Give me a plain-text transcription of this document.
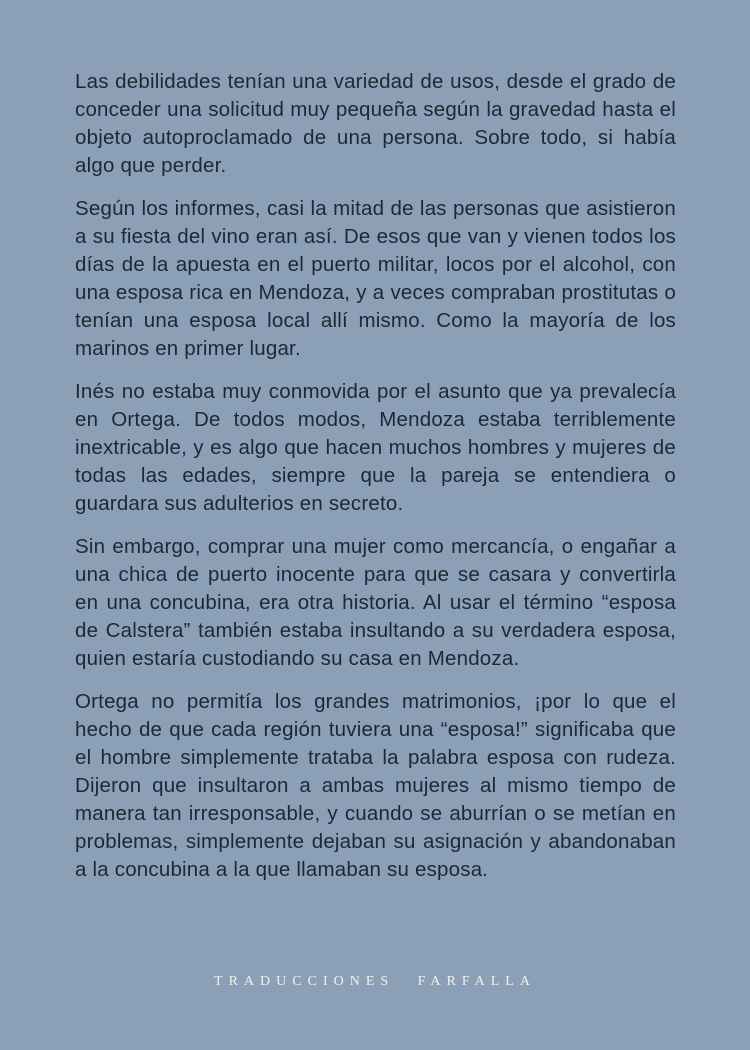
Las debilidades tenían una variedad de usos, desde el grado de conceder una solicitud muy pequeña según la gravedad hasta el objeto autoproclamado de una persona. Sobre todo, si había algo que perder.

Según los informes, casi la mitad de las personas que asistieron a su fiesta del vino eran así. De esos que van y vienen todos los días de la apuesta en el puerto militar, locos por el alcohol, con una esposa rica en Mendoza, y a veces compraban prostitutas o tenían una esposa local allí mismo. Como la mayoría de los marinos en primer lugar.

Inés no estaba muy conmovida por el asunto que ya prevalecía en Ortega. De todos modos, Mendoza estaba terriblemente inextricable, y es algo que hacen muchos hombres y mujeres de todas las edades, siempre que la pareja se entendiera o guardara sus adulterios en secreto.

Sin embargo, comprar una mujer como mercancía, o engañar a una chica de puerto inocente para que se casara y convertirla en una concubina, era otra historia. Al usar el término “esposa de Calstera” también estaba insultando a su verdadera esposa, quien estaría custodiando su casa en Mendoza.

Ortega no permitía los grandes matrimonios, ¡por lo que el hecho de que cada región tuviera una “esposa!” significaba que el hombre simplemente trataba la palabra esposa con rudeza. Dijeron que insultaron a ambas mujeres al mismo tiempo de manera tan irresponsable, y cuando se aburrían o se metían en problemas, simplemente dejaban su asignación y abandonaban a la concubina a la que llamaban su esposa.

TRADUCCIONES FARFALLA
